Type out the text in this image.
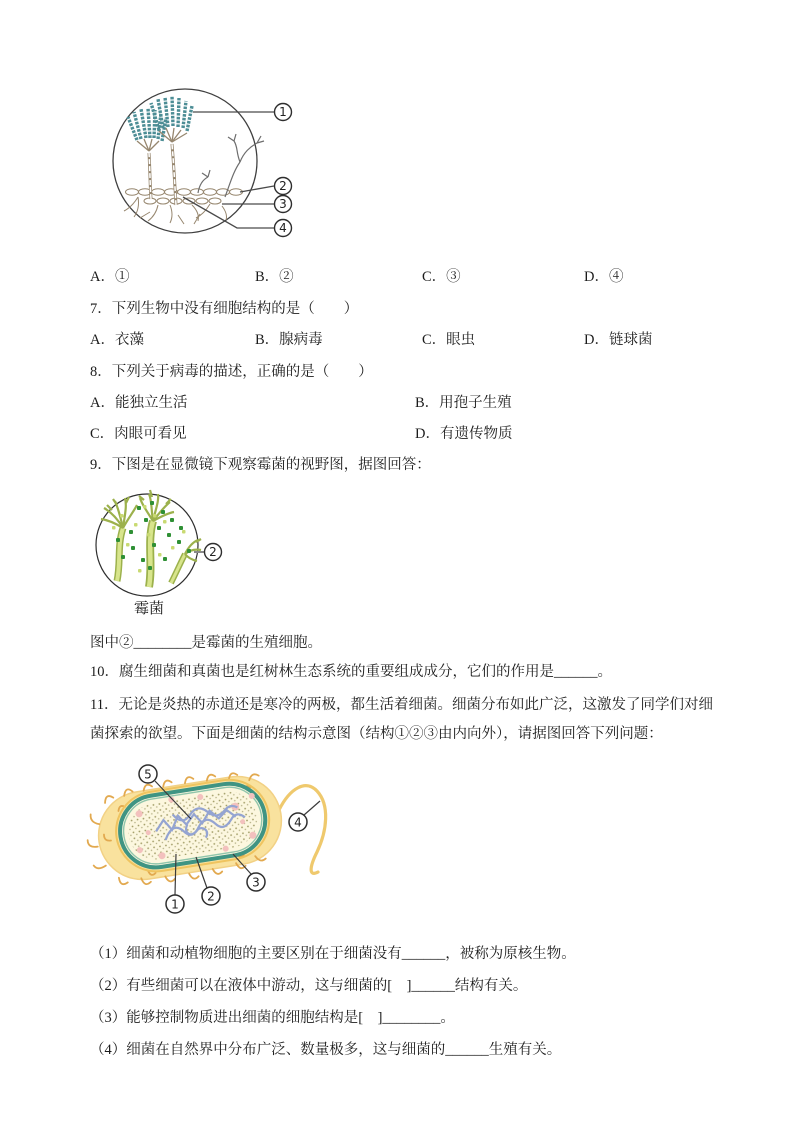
1
2
3
4
A．①	B．②	C．③	D．④
7．下列生物中没有细胞结构的是（　　）
A．衣藻	B．腺病毒	C．眼虫	D．链球菌
8．下列关于病毒的描述，正确的是（　　）
A．能独立生活	B．用孢子生殖
C．肉眼可看见	D．有遗传物质
9．下图是在显微镜下观察霉菌的视野图，据图回答：
2
霉菌
图中②________是霉菌的生殖细胞。
10．腐生细菌和真菌也是红树林生态系统的重要组成成分，它们的作用是______。
11．无论是炎热的赤道还是寒冷的两极，都生活着细菌。细菌分布如此广泛，这激发了同学们对细
菌探索的欲望。下面是细菌的结构示意图（结构①②③由内向外），请据图回答下列问题：
5
4
3
2
1
（1）细菌和动植物细胞的主要区别在于细菌没有______，被称为原核生物。
（2）有些细菌可以在液体中游动，这与细菌的[　]______结构有关。
（3）能够控制物质进出细菌的细胞结构是[　]________。
（4）细菌在自然界中分布广泛、数量极多，这与细菌的______生殖有关。
